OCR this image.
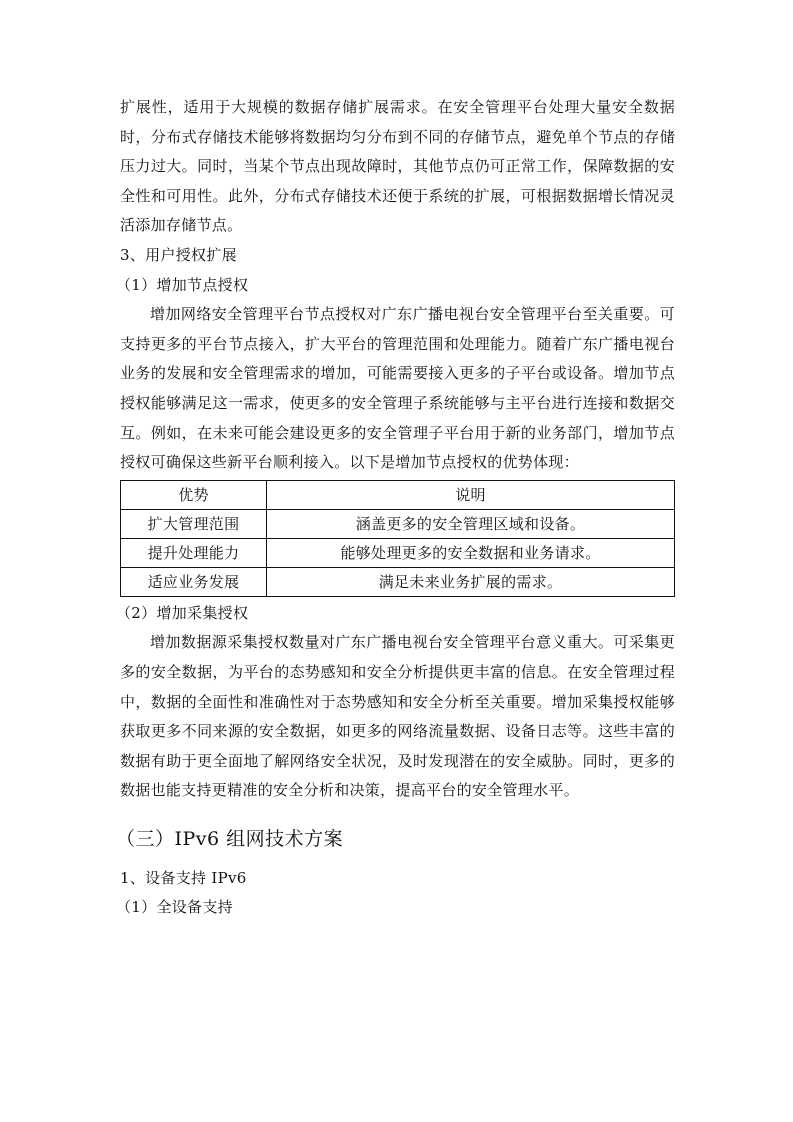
扩展性，适用于大规模的数据存储扩展需求。在安全管理平台处理大量安全数据时，分布式存储技术能够将数据均匀分布到不同的存储节点，避免单个节点的存储压力过大。同时，当某个节点出现故障时，其他节点仍可正常工作，保障数据的安全性和可用性。此外，分布式存储技术还便于系统的扩展，可根据数据增长情况灵活添加存储节点。

3、用户授权扩展

（1）增加节点授权

增加网络安全管理平台节点授权对广东广播电视台安全管理平台至关重要。可支持更多的平台节点接入，扩大平台的管理范围和处理能力。随着广东广播电视台业务的发展和安全管理需求的增加，可能需要接入更多的子平台或设备。增加节点授权能够满足这一需求，使更多的安全管理子系统能够与主平台进行连接和数据交互。例如，在未来可能会建设更多的安全管理子平台用于新的业务部门，增加节点授权可确保这些新平台顺利接入。以下是增加节点授权的优势体现：

优势	说明
扩大管理范围	涵盖更多的安全管理区域和设备。
提升处理能力	能够处理更多的安全数据和业务请求。
适应业务发展	满足未来业务扩展的需求。

（2）增加采集授权

增加数据源采集授权数量对广东广播电视台安全管理平台意义重大。可采集更多的安全数据，为平台的态势感知和安全分析提供更丰富的信息。在安全管理过程中，数据的全面性和准确性对于态势感知和安全分析至关重要。增加采集授权能够获取更多不同来源的安全数据，如更多的网络流量数据、设备日志等。这些丰富的数据有助于更全面地了解网络安全状况，及时发现潜在的安全威胁。同时，更多的数据也能支持更精准的安全分析和决策，提高平台的安全管理水平。

（三）IPv6 组网技术方案

1、设备支持 IPv6

（1）全设备支持
